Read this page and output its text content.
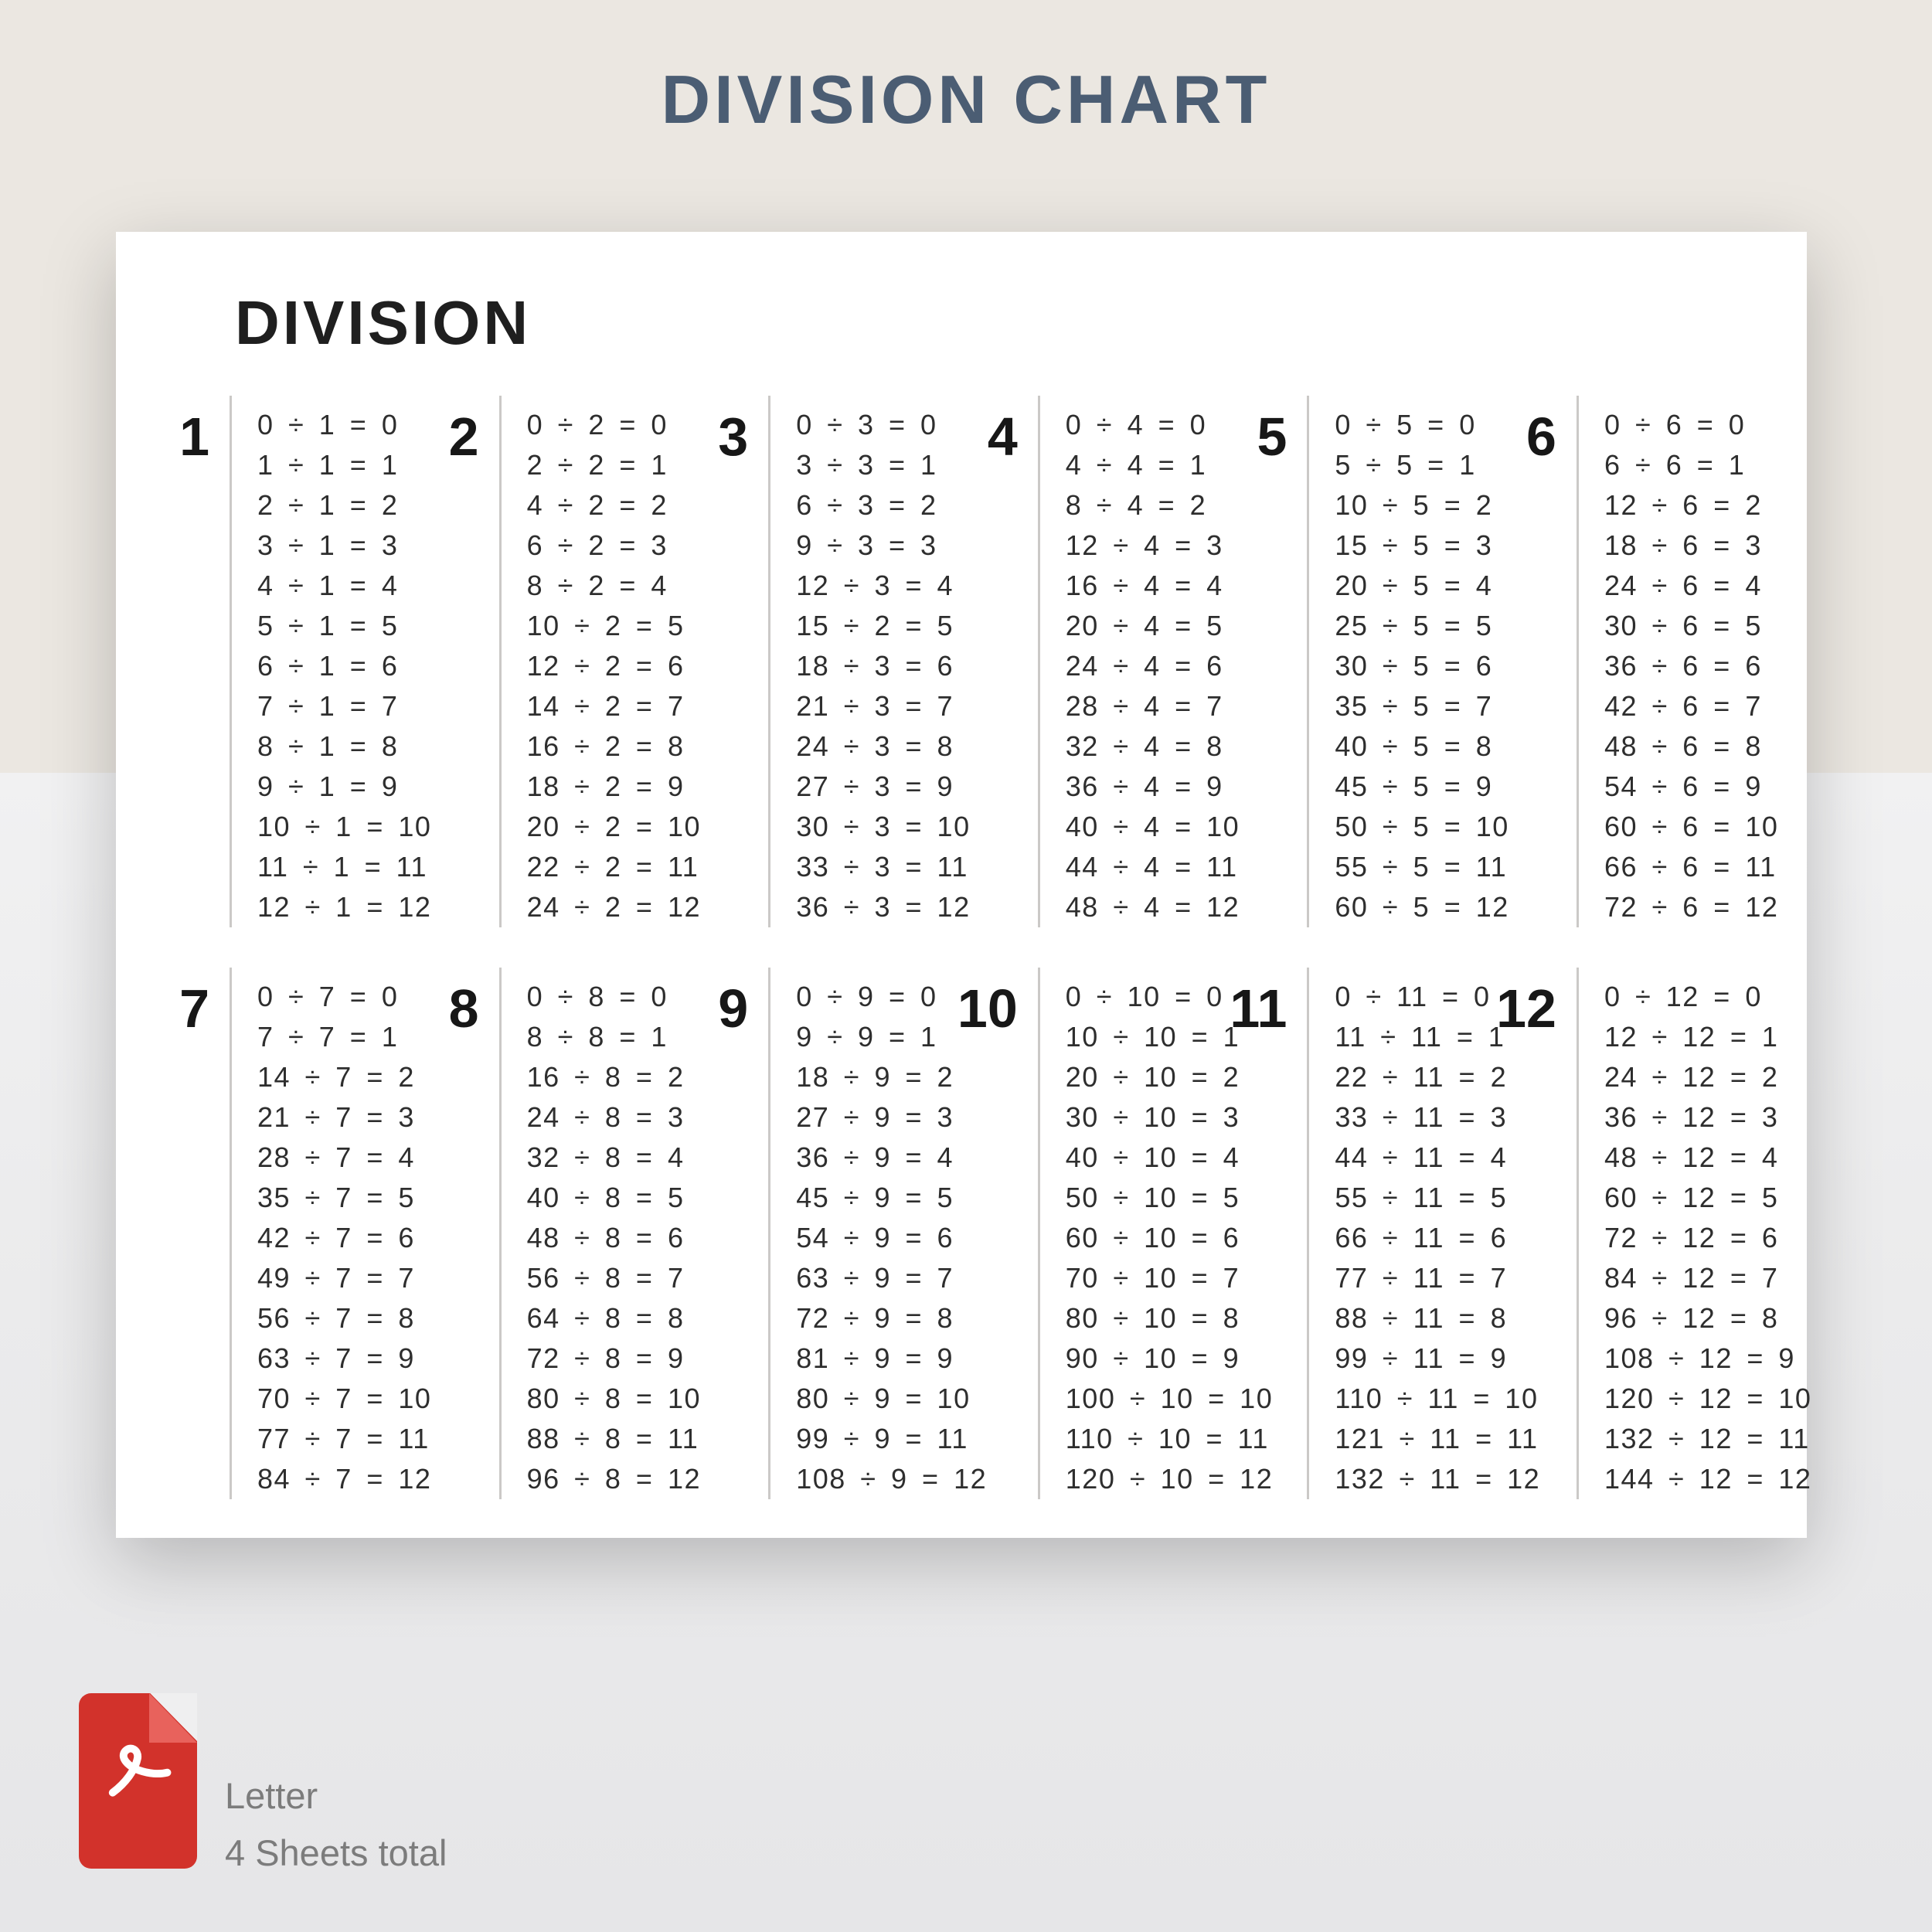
DIVISION CHART
DIVISION
1	0 ÷ 1 = 0
1 ÷ 1 = 1
2 ÷ 1 = 2
3 ÷ 1 = 3
4 ÷ 1 = 4
5 ÷ 1 = 5
6 ÷ 1 = 6
7 ÷ 1 = 7
8 ÷ 1 = 8
9 ÷ 1 = 9
10 ÷ 1 = 10
11 ÷ 1 = 11
12 ÷ 1 = 12
2	0 ÷ 2 = 0
2 ÷ 2 = 1
4 ÷ 2 = 2
6 ÷ 2 = 3
8 ÷ 2 = 4
10 ÷ 2 = 5
12 ÷ 2 = 6
14 ÷ 2 = 7
16 ÷ 2 = 8
18 ÷ 2 = 9
20 ÷ 2 = 10
22 ÷ 2 = 11
24 ÷ 2 = 12
3	0 ÷ 3 = 0
3 ÷ 3 = 1
6 ÷ 3 = 2
9 ÷ 3 = 3
12 ÷ 3 = 4
15 ÷ 2 = 5
18 ÷ 3 = 6
21 ÷ 3 = 7
24 ÷ 3 = 8
27 ÷ 3 = 9
30 ÷ 3 = 10
33 ÷ 3 = 11
36 ÷ 3 = 12
4	0 ÷ 4 = 0
4 ÷ 4 = 1
8 ÷ 4 = 2
12 ÷ 4 = 3
16 ÷ 4 = 4
20 ÷ 4 = 5
24 ÷ 4 = 6
28 ÷ 4 = 7
32 ÷ 4 = 8
36 ÷ 4 = 9
40 ÷ 4 = 10
44 ÷ 4 = 11
48 ÷ 4 = 12
5	0 ÷ 5 = 0
5 ÷ 5 = 1
10 ÷ 5 = 2
15 ÷ 5 = 3
20 ÷ 5 = 4
25 ÷ 5 = 5
30 ÷ 5 = 6
35 ÷ 5 = 7
40 ÷ 5 = 8
45 ÷ 5 = 9
50 ÷ 5 = 10
55 ÷ 5 = 11
60 ÷ 5 = 12
6	0 ÷ 6 = 0
6 ÷ 6 = 1
12 ÷ 6 = 2
18 ÷ 6 = 3
24 ÷ 6 = 4
30 ÷ 6 = 5
36 ÷ 6 = 6
42 ÷ 6 = 7
48 ÷ 6 = 8
54 ÷ 6 = 9
60 ÷ 6 = 10
66 ÷ 6 = 11
72 ÷ 6 = 12
7	0 ÷ 7 = 0
7 ÷ 7 = 1
14 ÷ 7 = 2
21 ÷ 7 = 3
28 ÷ 7 = 4
35 ÷ 7 = 5
42 ÷ 7 = 6
49 ÷ 7 = 7
56 ÷ 7 = 8
63 ÷ 7 = 9
70 ÷ 7 = 10
77 ÷ 7 = 11
84 ÷ 7 = 12
8	0 ÷ 8 = 0
8 ÷ 8 = 1
16 ÷ 8 = 2
24 ÷ 8 = 3
32 ÷ 8 = 4
40 ÷ 8 = 5
48 ÷ 8 = 6
56 ÷ 8 = 7
64 ÷ 8 = 8
72 ÷ 8 = 9
80 ÷ 8 = 10
88 ÷ 8 = 11
96 ÷ 8 = 12
9	0 ÷ 9 = 0
9 ÷ 9 = 1
18 ÷ 9 = 2
27 ÷ 9 = 3
36 ÷ 9 = 4
45 ÷ 9 = 5
54 ÷ 9 = 6
63 ÷ 9 = 7
72 ÷ 9 = 8
81 ÷ 9 = 9
80 ÷ 9 = 10
99 ÷ 9 = 11
108 ÷ 9 = 12
10	0 ÷ 10 = 0
10 ÷ 10 = 1
20 ÷ 10 = 2
30 ÷ 10 = 3
40 ÷ 10 = 4
50 ÷ 10 = 5
60 ÷ 10 = 6
70 ÷ 10 = 7
80 ÷ 10 = 8
90 ÷ 10 = 9
100 ÷ 10 = 10
110 ÷ 10 = 11
120 ÷ 10 = 12
11	0 ÷ 11 = 0
11 ÷ 11 = 1
22 ÷ 11 = 2
33 ÷ 11 = 3
44 ÷ 11 = 4
55 ÷ 11 = 5
66 ÷ 11 = 6
77 ÷ 11 = 7
88 ÷ 11 = 8
99 ÷ 11 = 9
110 ÷ 11 = 10
121 ÷ 11 = 11
132 ÷ 11 = 12
12	0 ÷ 12 = 0
12 ÷ 12 = 1
24 ÷ 12 = 2
36 ÷ 12 = 3
48 ÷ 12 = 4
60 ÷ 12 = 5
72 ÷ 12 = 6
84 ÷ 12 = 7
96 ÷ 12 = 8
108 ÷ 12 = 9
120 ÷ 12 = 10
132 ÷ 12 = 11
144 ÷ 12 = 12
Letter
4 Sheets total
